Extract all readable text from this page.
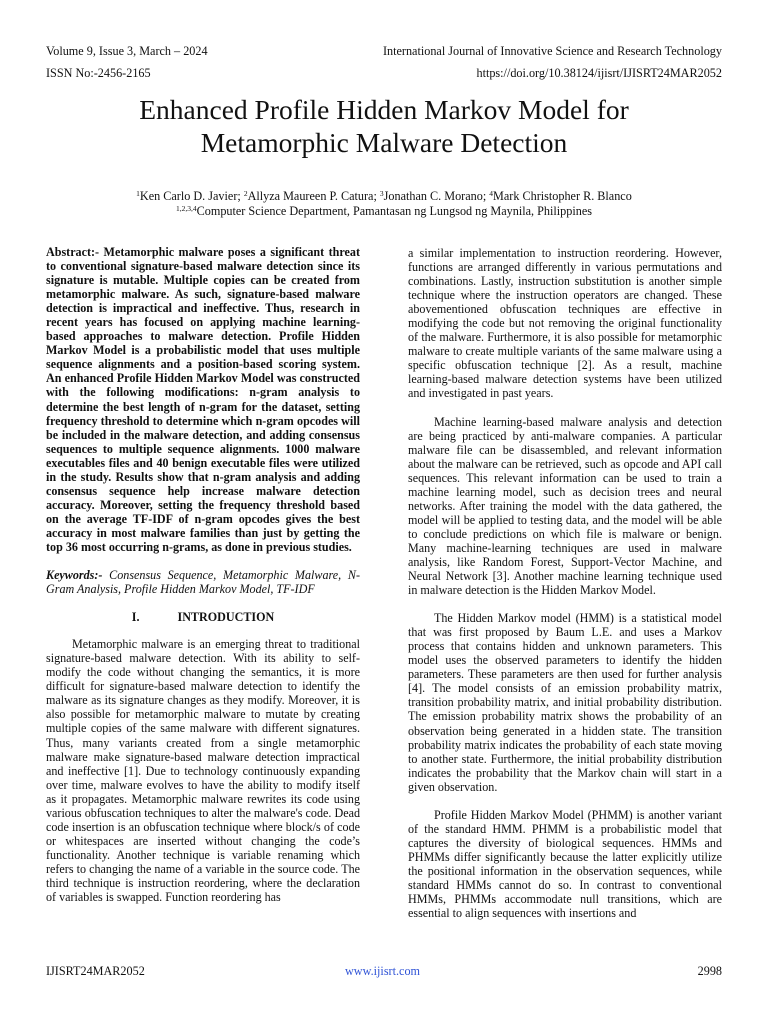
Volume 9, Issue 3, March – 2024	International Journal of Innovative Science and Research Technology
ISSN No:-2456-2165	https://doi.org/10.38124/ijisrt/IJISRT24MAR2052
Enhanced Profile Hidden Markov Model for
Metamorphic Malware Detection
$^1$Ken Carlo D. Javier; $^2$Allyza Maureen P. Catura; $^3$Jonathan C. Morano; $^4$Mark Christopher R. Blanco
$^{1,2,3,4}$Computer Science Department, Pamantasan ng Lungsod ng Maynila, Philippines

Abstract:- Metamorphic malware poses a significant threat to conventional signature-based malware detection since its signature is mutable. Multiple copies can be created from metamorphic malware. As such, signature-based malware detection is impractical and ineffective. Thus, research in recent years has focused on applying machine learning-based approaches to malware detection. Profile Hidden Markov Model is a probabilistic model that uses multiple sequence alignments and a position-based scoring system. An enhanced Profile Hidden Markov Model was constructed with the following modifications: n-gram analysis to determine the best length of n-gram for the dataset, setting frequency threshold to determine which n-gram opcodes will be included in the malware detection, and adding consensus sequences to multiple sequence alignments. 1000 malware executables files and 40 benign executable files were utilized in the study. Results show that n-gram analysis and adding consensus sequence help increase malware detection accuracy. Moreover, setting the frequency threshold based on the average TF-IDF of n-gram opcodes gives the best accuracy in most malware families than just by getting the top 36 most occurring n-grams, as done in previous studies.

Keywords:- Consensus Sequence, Metamorphic Malware, N-Gram Analysis, Profile Hidden Markov Model, TF-IDF

I.	INTRODUCTION

Metamorphic malware is an emerging threat to traditional signature-based malware detection. With its ability to self-modify the code without changing the semantics, it is more difficult for signature-based malware detection to identify the malware as its signature changes as they modify. Moreover, it is also possible for metamorphic malware to mutate by creating multiple copies of the same malware with different signatures. Thus, many variants created from a single metamorphic malware make signature-based malware detection impractical and ineffective [1]. Due to technology continuously expanding over time, malware evolves to have the ability to modify itself as it propagates. Metamorphic malware rewrites its code using various obfuscation techniques to alter the malware's code. Dead code insertion is an obfuscation technique where block/s of code or whitespaces are inserted without changing the code’s functionality. Another technique is variable renaming which refers to changing the name of a variable in the source code. The third technique is instruction reordering, where the declaration of variables is swapped. Function reordering has

a similar implementation to instruction reordering. However, functions are arranged differently in various permutations and combinations. Lastly, instruction substitution is another simple technique where the instruction operators are changed. These abovementioned obfuscation techniques are effective in modifying the code but not removing the original functionality of the malware. Furthermore, it is also possible for metamorphic malware to create multiple variants of the same malware using a specific obfuscation technique [2]. As a result, machine learning-based malware detection systems have been utilized and investigated in past years.

Machine learning-based malware analysis and detection are being practiced by anti-malware companies. A particular malware file can be disassembled, and relevant information about the malware can be retrieved, such as opcode and API call sequences. This relevant information can be used to train a machine learning model, such as decision trees and neural networks. After training the model with the data gathered, the model will be applied to testing data, and the model will be able to conclude predictions on which file is malware or benign. Many machine-learning techniques are used in malware analysis, like Random Forest, Support-Vector Machine, and Neural Network [3]. Another machine learning technique used in malware detection is the Hidden Markov Model.

The Hidden Markov model (HMM) is a statistical model that was first proposed by Baum L.E. and uses a Markov process that contains hidden and unknown parameters. This model uses the observed parameters to identify the hidden parameters. These parameters are then used for further analysis [4]. The model consists of an emission probability matrix, transition probability matrix, and initial probability distribution. The emission probability matrix shows the probability of an observation being generated in a hidden state. The transition probability matrix indicates the probability of each state moving to another state. Furthermore, the initial probability distribution indicates the probability that the Markov chain will start in a given observation.

Profile Hidden Markov Model (PHMM) is another variant of the standard HMM. PHMM is a probabilistic model that captures the diversity of biological sequences. HMMs and PHMMs differ significantly because the latter explicitly utilize the positional information in the observation sequences, while standard HMMs cannot do so. In contrast to conventional HMMs, PHMMs accommodate null transitions, which are essential to align sequences with insertions and

IJISRT24MAR2052	www.ijisrt.com	2998
